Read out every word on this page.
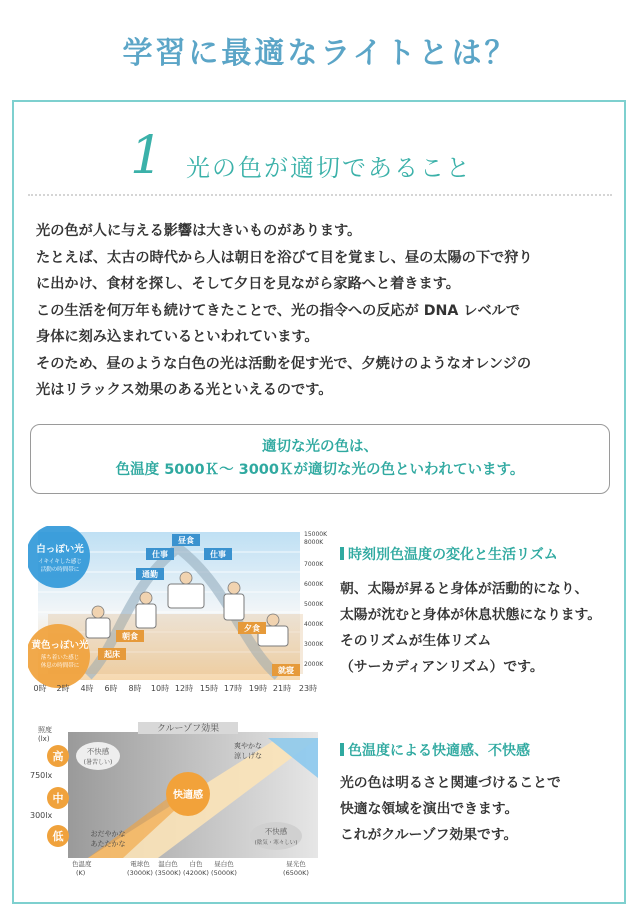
学習に最適なライトとは？
1 光の色が適切であること
光の色が人に与える影響は大きいものがあります。
たとえば、太古の時代から人は朝日を浴びて目を覚まし、昼の太陽の下で狩り
に出かけ、食材を探し、そして夕日を見ながら家路へと着きます。
この生活を何万年も続けてきたことで、光の指令への反応が DNA レベルで
身体に刻み込まれているといわれています。
そのため、昼のような白色の光は活動を促す光で、夕焼けのようなオレンジの
光はリラックス効果のある光といえるのです。
適切な光の色は、
色温度 5000Ｋ～ 3000Ｋが適切な光の色といわれています。
昼食
仕事	仕事
通勤
朝食
起床
夕食
就寝
白っぽい光
イキイキした感じ
活動の時間帯に
黄色っぽい光
落ち着いた感じ
休息の時間帯に
15000K
8000K
7000K
6000K
5000K
4000K
3000K
2000K
0時 2時 4時 6時 8時 10時 12時 15時 17時 19時 21時 23時
クルーゾフ効果
照度
(lx)
750lx
300lx
高
中
低
不快感
(暑苦しい)
快適感
爽やかな
涼しげな
おだやかな
あたたかな
不快感
(陰気・寒々しい)
色温度
(K)
電球色
(3000K)
温白色
(3500K)
白色
(4200K)
昼白色
(5000K)
昼光色
(6500K)
時刻別色温度の変化と生活リズム
朝、太陽が昇ると身体が活動的になり、
太陽が沈むと身体が休息状態になります。
そのリズムが生体リズム
（サーカディアンリズム）です。
色温度による快適感、不快感
光の色は明るさと関連づけることで
快適な領域を演出できます。
これがクルーゾフ効果です。
